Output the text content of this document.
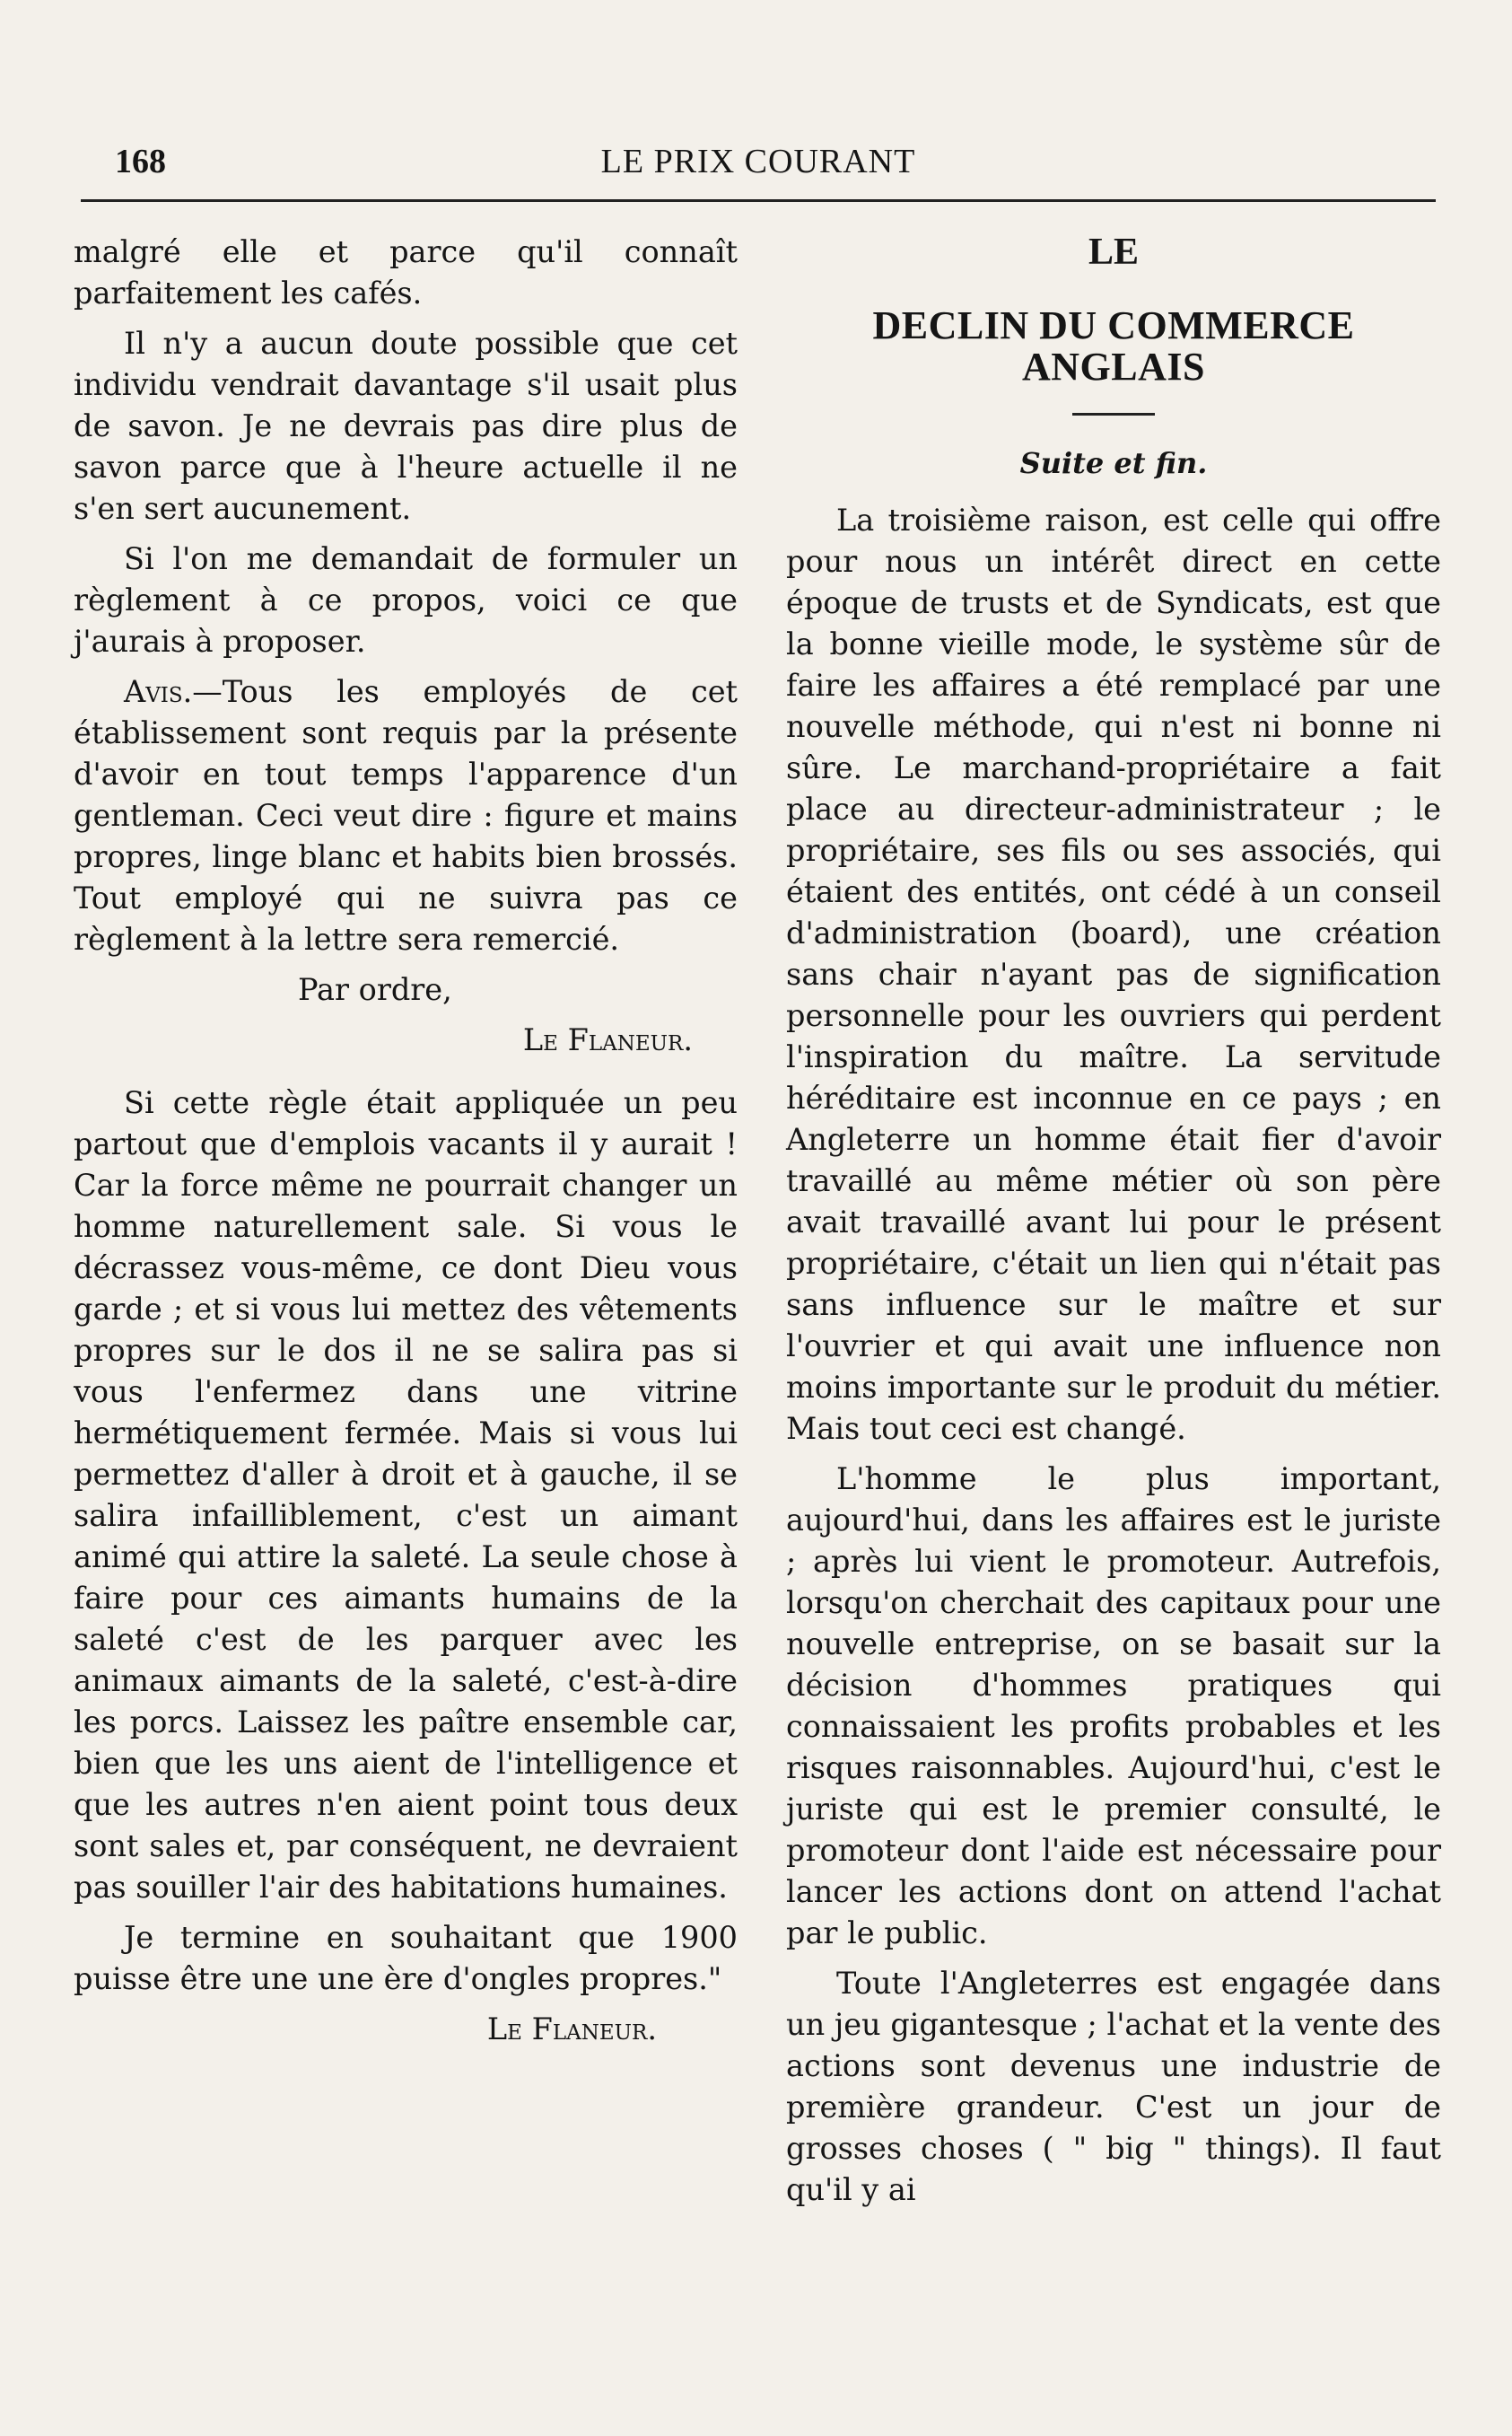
168	LE PRIX COURANT

malgré elle et parce qu'il connaît parfaitement les cafés.

Il n'y a aucun doute possible que cet individu vendrait davantage s'il usait plus de savon. Je ne devrais pas dire plus de savon parce que à l'heure actuelle il ne s'en sert aucunement.

Si l'on me demandait de formuler un règlement à ce propos, voici ce que j'aurais à proposer.

Avis.—Tous les employés de cet établissement sont requis par la présente d'avoir en tout temps l'apparence d'un gentleman. Ceci veut dire : figure et mains propres, linge blanc et habits bien brossés. Tout employé qui ne suivra pas ce règlement à la lettre sera remercié.

Par ordre,

Le Flaneur.

Si cette règle était appliquée un peu partout que d'emplois vacants il y aurait ! Car la force même ne pourrait changer un homme naturellement sale. Si vous le décrassez vous-même, ce dont Dieu vous garde ; et si vous lui mettez des vêtements propres sur le dos il ne se salira pas si vous l'enfermez dans une vitrine hermétiquement fermée. Mais si vous lui permettez d'aller à droit et à gauche, il se salira infailliblement, c'est un aimant animé qui attire la saleté. La seule chose à faire pour ces aimants humains de la saleté c'est de les parquer avec les animaux aimants de la saleté, c'est-à-dire les porcs. Laissez les paître ensemble car, bien que les uns aient de l'intelligence et que les autres n'en aient point tous deux sont sales et, par conséquent, ne devraient pas souiller l'air des habitations humaines.

Je termine en souhaitant que 1900 puisse être une une ère d'ongles propres."

Le Flaneur.

LE

DECLIN DU COMMERCE ANGLAIS

Suite et fin.

La troisième raison, est celle qui offre pour nous un intérêt direct en cette époque de trusts et de Syndicats, est que la bonne vieille mode, le système sûr de faire les affaires a été remplacé par une nouvelle méthode, qui n'est ni bonne ni sûre. Le marchand-propriétaire a fait place au directeur-administrateur ; le propriétaire, ses fils ou ses associés, qui étaient des entités, ont cédé à un conseil d'administration (board), une création sans chair n'ayant pas de signification personnelle pour les ouvriers qui perdent l'inspiration du maître. La servitude héréditaire est inconnue en ce pays ; en Angleterre un homme était fier d'avoir travaillé au même métier où son père avait travaillé avant lui pour le présent propriétaire, c'était un lien qui n'était pas sans influence sur le maître et sur l'ouvrier et qui avait une influence non moins importante sur le produit du métier. Mais tout ceci est changé.

L'homme le plus important, aujourd'hui, dans les affaires est le juriste ; après lui vient le promoteur. Autrefois, lorsqu'on cherchait des capitaux pour une nouvelle entreprise, on se basait sur la décision d'hommes pratiques qui connaissaient les profits probables et les risques raisonnables. Aujourd'hui, c'est le juriste qui est le premier consulté, le promoteur dont l'aide est nécessaire pour lancer les actions dont on attend l'achat par le public.

Toute l'Angleterres est engagée dans un jeu gigantesque ; l'achat et la vente des actions sont devenus une industrie de première grandeur. C'est un jour de grosses choses ( " big " things). Il faut qu'il y ai
